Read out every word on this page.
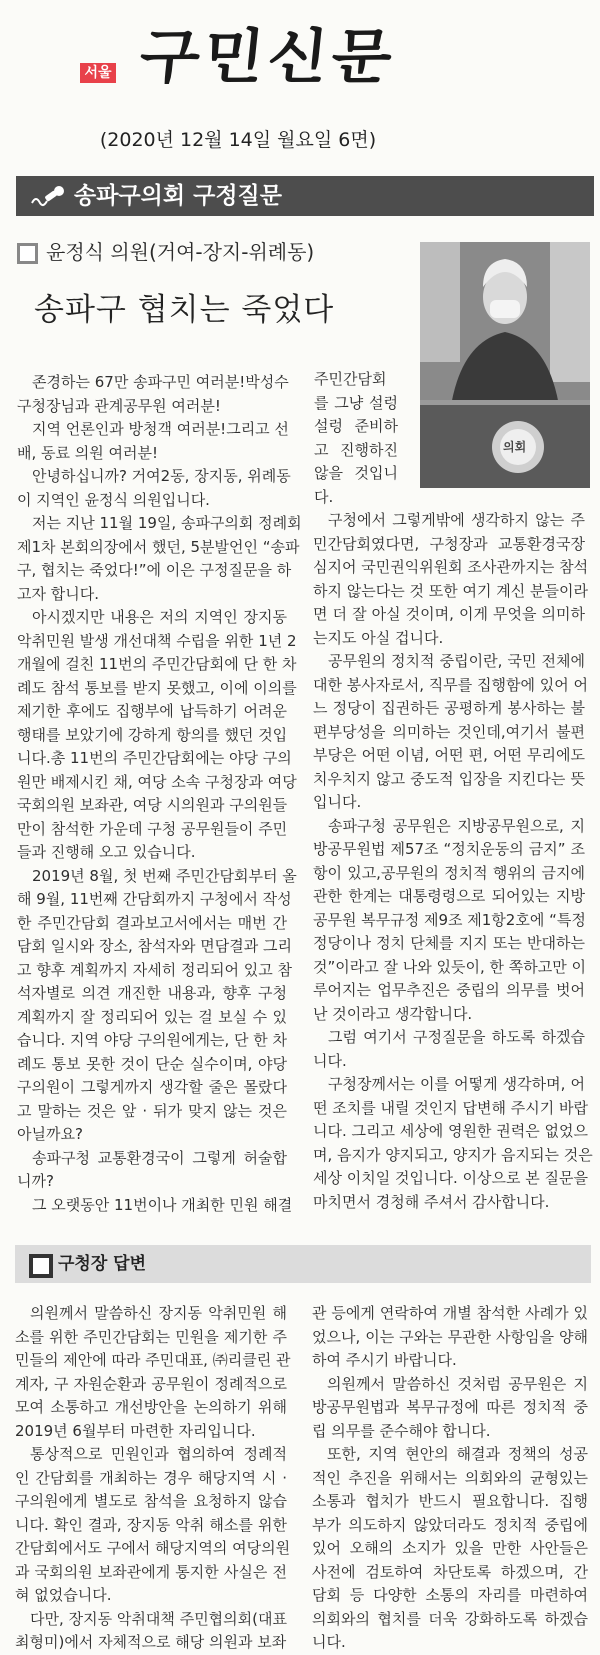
서울 구민신문
(2020년 12월 14일 월요일 6면)
송파구의회 구정질문
윤정식 의원(거여-장지-위례동)
송파구 협치는 죽었다
의회
존경하는 67만 송파구민 여러분!박성수
구청장님과 관계공무원 여러분!
지역 언론인과 방청객 여러분!그리고 선
배, 동료 의원 여러분!
안녕하십니까? 거여2동, 장지동, 위례동
이 지역인 윤정식 의원입니다.
저는 지난 11월 19일, 송파구의회 정례회
제1차 본회의장에서 했던, 5분발언인 “송파
구, 협치는 죽었다!”에 이은 구정질문을 하
고자 합니다.
아시겠지만 내용은 저의 지역인 장지동
악취민원 발생 개선대책 수립을 위한 1년 2
개월에 걸친 11번의 주민간담회에 단 한 차
례도 참석 통보를 받지 못했고, 이에 이의를
제기한 후에도 집행부에 납득하기 어려운
행태를 보았기에 강하게 항의를 했던 것입
니다.총 11번의 주민간담회에는 야당 구의
원만 배제시킨 채, 여당 소속 구청장과 여당
국회의원 보좌관, 여당 시의원과 구의원들
만이 참석한 가운데 구청 공무원들이 주민
들과 진행해 오고 있습니다.
2019년 8월, 첫 번째 주민간담회부터 올
해 9월, 11번째 간담회까지 구청에서 작성
한 주민간담회 결과보고서에서는 매번 간
담회 일시와 장소, 참석자와 면담결과 그리
고 향후 계획까지 자세히 정리되어 있고 참
석자별로 의견 개진한 내용과, 향후 구청
계획까지 잘 정리되어 있는 걸 보실 수 있
습니다. 지역 야당 구의원에게는, 단 한 차
례도 통보 못한 것이 단순 실수이며, 야당
구의원이 그렇게까지 생각할 줄은 몰랐다
고 말하는 것은 앞 · 뒤가 맞지 않는 것은
아닐까요?
송파구청 교통환경국이 그렇게 허술합
니까?
그 오랫동안 11번이나 개최한 민원 해결
주민간담회
를 그냥 설렁
설렁 준비하
고 진행하진
않을 것입니
다.
구청에서 그렇게밖에 생각하지 않는 주
민간담회였다면, 구청장과 교통환경국장
심지어 국민권익위원회 조사관까지는 참석
하지 않는다는 것 또한 여기 계신 분들이라
면 더 잘 아실 것이며, 이게 무엇을 의미하
는지도 아실 겁니다.
공무원의 정치적 중립이란, 국민 전체에
대한 봉사자로서, 직무를 집행함에 있어 어
느 정당이 집권하든 공평하게 봉사하는 불
편부당성을 의미하는 것인데,여기서 불편
부당은 어떤 이념, 어떤 편, 어떤 무리에도
치우치지 않고 중도적 입장을 지킨다는 뜻
입니다.
송파구청 공무원은 지방공무원으로, 지
방공무원법 제57조 “정치운동의 금지” 조
항이 있고,공무원의 정치적 행위의 금지에
관한 한계는 대통령령으로 되어있는 지방
공무원 복무규정 제9조 제1항2호에 “특정
정당이나 정치 단체를 지지 또는 반대하는
것”이라고 잘 나와 있듯이, 한 쪽하고만 이
루어지는 업무추진은 중립의 의무를 벗어
난 것이라고 생각합니다.
그럼 여기서 구정질문을 하도록 하겠습
니다.
구청장께서는 이를 어떻게 생각하며, 어
떤 조치를 내릴 것인지 답변해 주시기 바랍
니다. 그리고 세상에 영원한 권력은 없었으
며, 음지가 양지되고, 양지가 음지되는 것은
세상 이치일 것입니다. 이상으로 본 질문을
마치면서 경청해 주셔서 감사합니다.
구청장 답변
의원께서 말씀하신 장지동 악취민원 해
소를 위한 주민간담회는 민원을 제기한 주
민들의 제안에 따라 주민대표, ㈜리클린 관
계자, 구 자원순환과 공무원이 정례적으로
모여 소통하고 개선방안을 논의하기 위해
2019년 6월부터 마련한 자리입니다.
통상적으로 민원인과 협의하여 정례적
인 간담회를 개최하는 경우 해당지역 시 ·
구의원에게 별도로 참석을 요청하지 않습
니다. 확인 결과, 장지동 악취 해소를 위한
간담회에서도 구에서 해당지역의 여당의원
과 국회의원 보좌관에게 통지한 사실은 전
혀 없었습니다.
다만, 장지동 악취대책 주민협의회(대표
최형미)에서 자체적으로 해당 의원과 보좌
관 등에게 연락하여 개별 참석한 사례가 있
었으나, 이는 구와는 무관한 사항임을 양해
하여 주시기 바랍니다.
의원께서 말씀하신 것처럼 공무원은 지
방공무원법과 복무규정에 따른 정치적 중
립 의무를 준수해야 합니다.
또한, 지역 현안의 해결과 정책의 성공
적인 추진을 위해서는 의회와의 균형있는
소통과 협치가 반드시 필요합니다. 집행
부가 의도하지 않았더라도 정치적 중립에
있어 오해의 소지가 있을 만한 사안들은
사전에 검토하여 차단토록 하겠으며, 간
담회 등 다양한 소통의 자리를 마련하여
의회와의 협치를 더욱 강화하도록 하겠습
니다.
